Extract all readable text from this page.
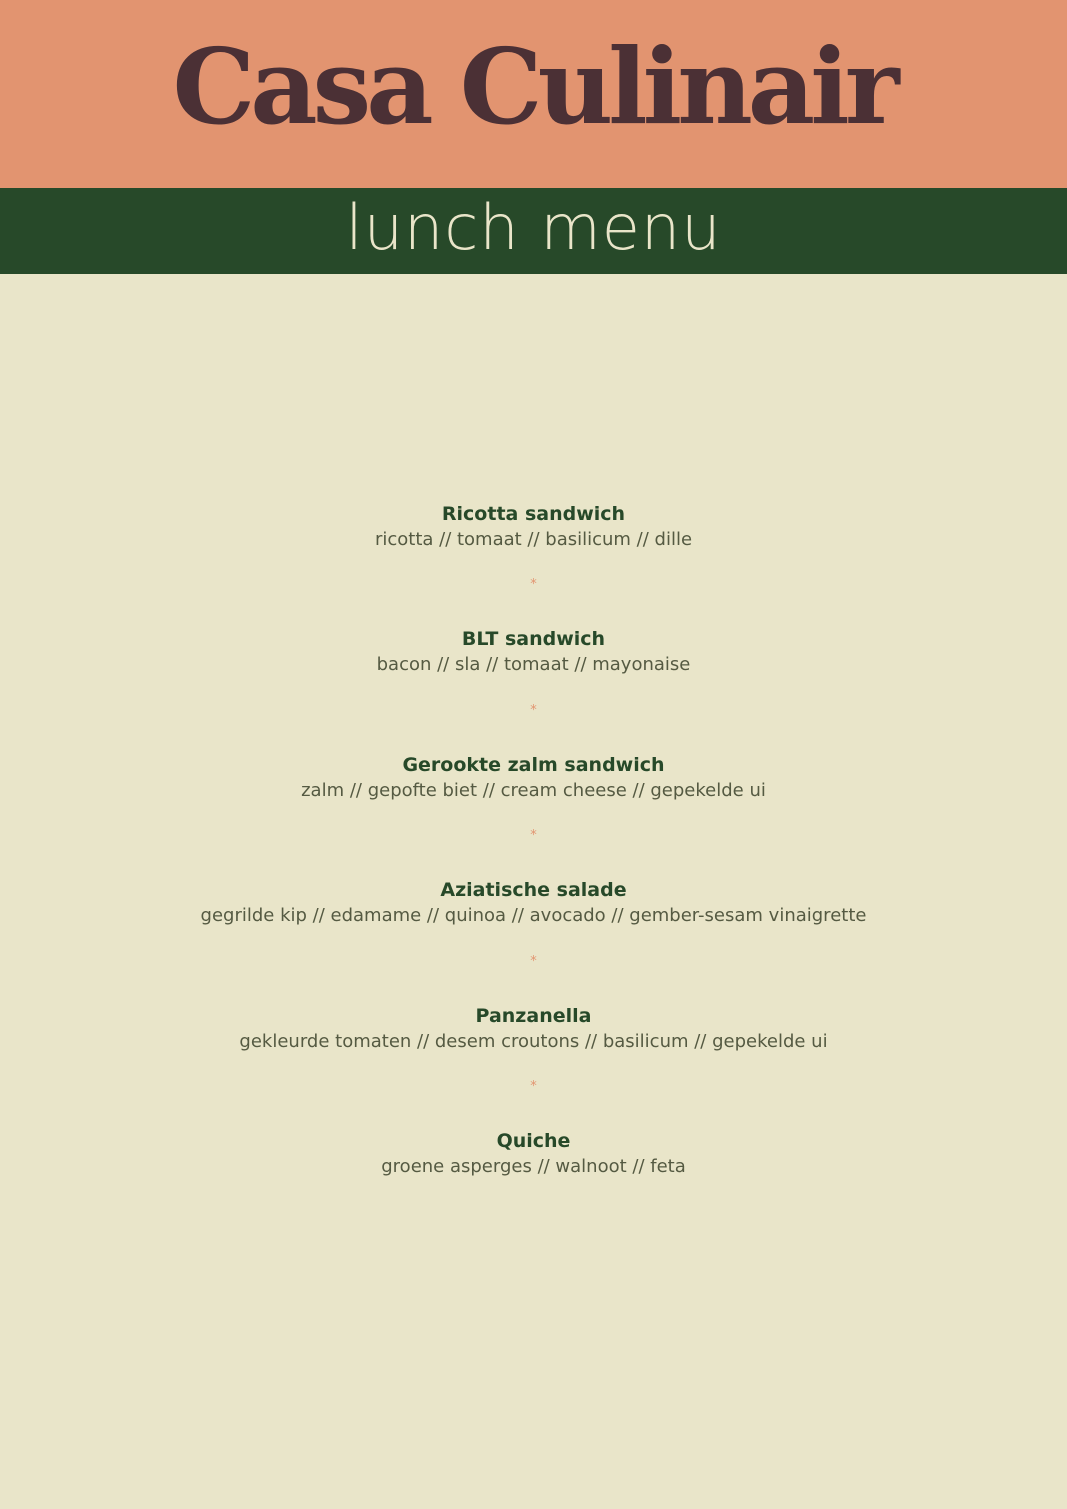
Casa Culinair
lunch menu
Ricotta sandwich
ricotta // tomaat // basilicum // dille
*
BLT sandwich
bacon // sla // tomaat // mayonaise
*
Gerookte zalm sandwich
zalm // gepofte biet // cream cheese // gepekelde ui
*
Aziatische salade
gegrilde kip // edamame // quinoa // avocado // gember-sesam vinaigrette
*
Panzanella
gekleurde tomaten // desem croutons // basilicum // gepekelde ui
*
Quiche
groene asperges // walnoot // feta
